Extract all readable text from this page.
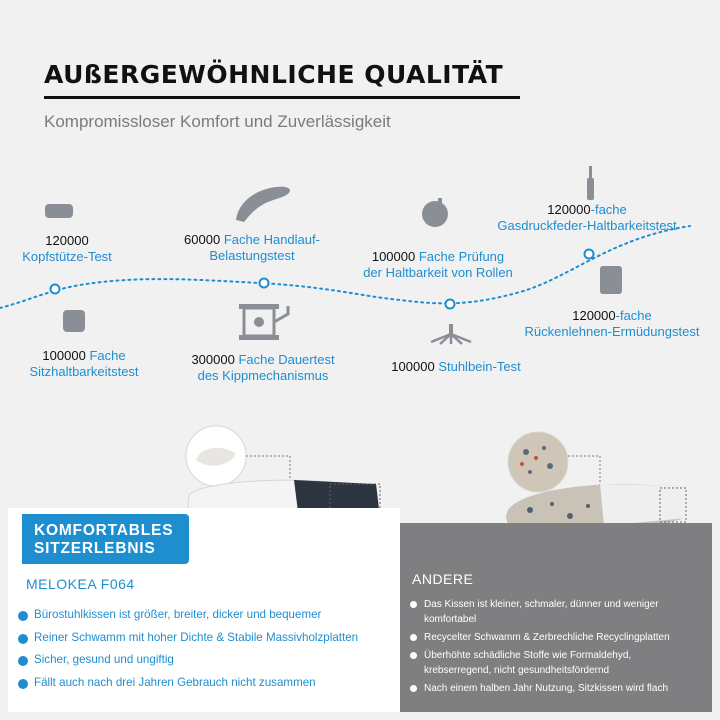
AUßERGEWÖHNLICHE QUALITÄT
Kompromissloser Komfort und Zuverlässigkeit
120000
Kopfstütze-Test
60000 Fache Handlauf-
Belastungstest	100000 Fache Prüfung
der Haltbarkeit von Rollen
120000-fache
Gasdruckfeder-Haltbarkeitstest
100000 Fache
Sitzhaltbarkeitstest
300000 Fache Dauertest
des Kippmechanismus
100000 Stuhlbein-Test
120000-fache
Rückenlehnen-Ermüdungstest
KOMFORTABLES
SITZERLEBNIS
MELOKEA F064
Bürostuhlkissen ist größer, breiter, dicker und bequemer
Reiner Schwamm mit hoher Dichte & Stabile Massivholzplatten
Sicher, gesund und ungiftig
Fällt auch nach drei Jahren Gebrauch nicht zusammen
ANDERE
Das Kissen ist kleiner, schmaler, dünner und weniger
komfortabel
Recycelter Schwamm & Zerbrechliche Recyclingplatten
Überhöhte schädliche Stoffe wie Formaldehyd,
krebserregend, nicht gesundheitsfördernd
Nach einem halben Jahr Nutzung, Sitzkissen wird flach
